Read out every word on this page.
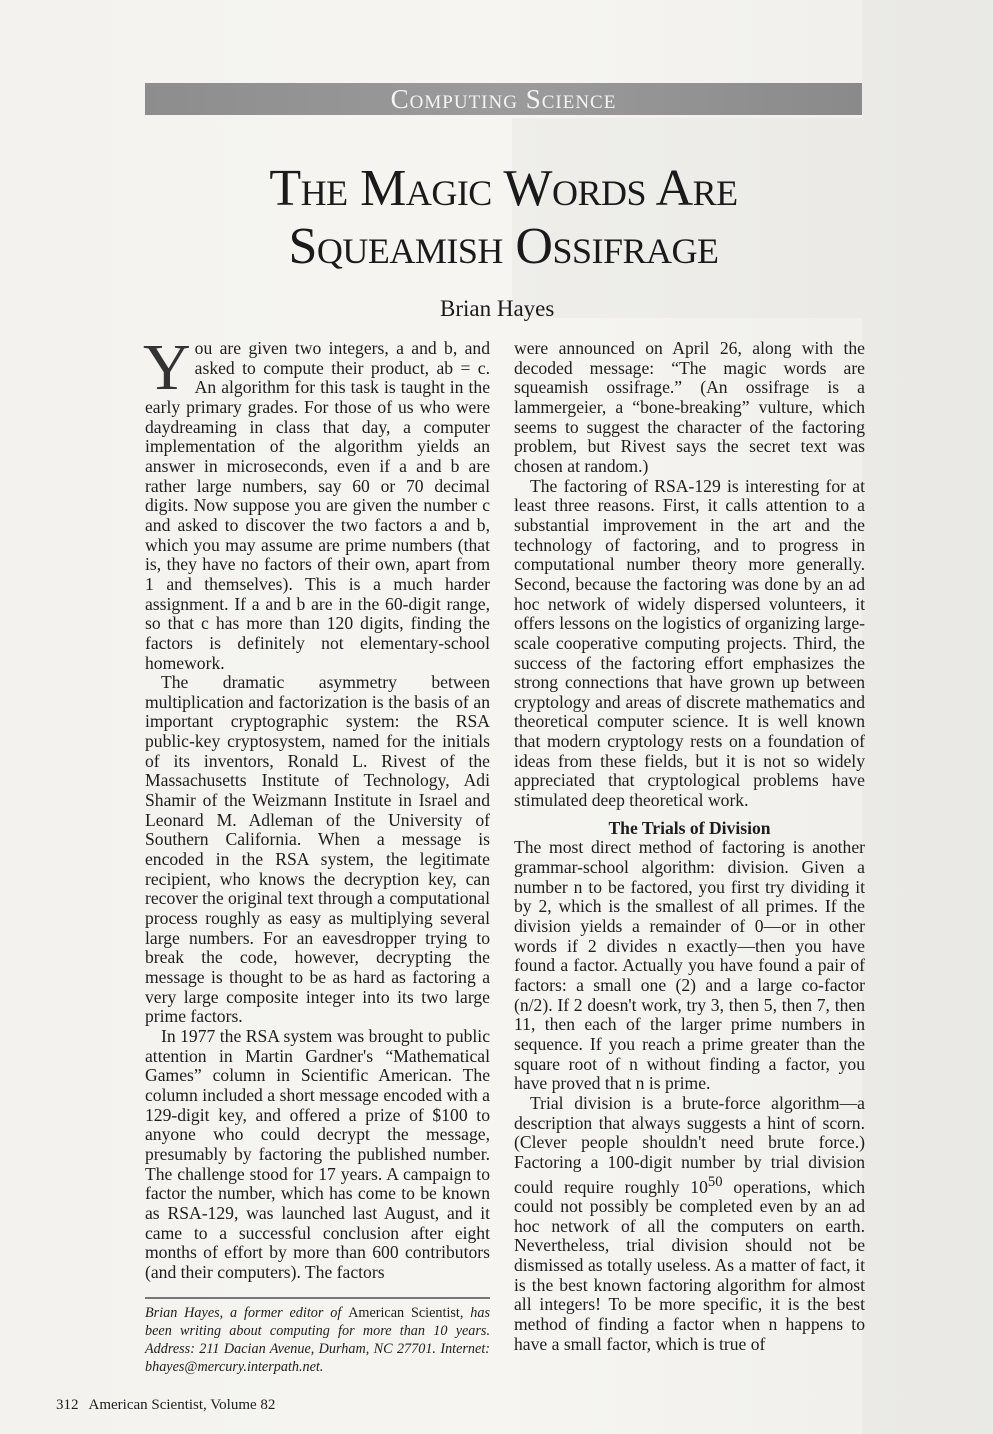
Computing Science
The Magic Words Are
Squeamish Ossifrage
Brian Hayes

You are given two integers, a and b, and asked to compute their product, ab = c. An algorithm for this task is taught in the early primary grades. For those of us who were daydreaming in class that day, a computer implementation of the algorithm yields an answer in microseconds, even if a and b are rather large numbers, say 60 or 70 decimal digits. Now suppose you are given the number c and asked to discover the two factors a and b, which you may assume are prime numbers (that is, they have no factors of their own, apart from 1 and themselves). This is a much harder assignment. If a and b are in the 60-digit range, so that c has more than 120 digits, finding the factors is definitely not elementary-school homework.

The dramatic asymmetry between multiplication and factorization is the basis of an important cryptographic system: the RSA public-key cryptosystem, named for the initials of its inventors, Ronald L. Rivest of the Massachusetts Institute of Technology, Adi Shamir of the Weizmann Institute in Israel and Leonard M. Adleman of the University of Southern California. When a message is encoded in the RSA system, the legitimate recipient, who knows the decryption key, can recover the original text through a computational process roughly as easy as multiplying several large numbers. For an eavesdropper trying to break the code, however, decrypting the message is thought to be as hard as factoring a very large composite integer into its two large prime factors.

In 1977 the RSA system was brought to public attention in Martin Gardner's “Mathematical Games” column in Scientific American. The column included a short message encoded with a 129-digit key, and offered a prize of $100 to anyone who could decrypt the message, presumably by factoring the published number. The challenge stood for 17 years. A campaign to factor the number, which has come to be known as RSA-129, was launched last August, and it came to a successful conclusion after eight months of effort by more than 600 contributors (and their computers). The factors

Brian Hayes, a former editor of American Scientist, has been writing about computing for more than 10 years. Address: 211 Dacian Avenue, Durham, NC 27701. Internet: bhayes@mercury.interpath.net.

were announced on April 26, along with the decoded message: “The magic words are squeamish ossifrage.” (An ossifrage is a lammergeier, a “bone-breaking” vulture, which seems to suggest the character of the factoring problem, but Rivest says the secret text was chosen at random.)

The factoring of RSA-129 is interesting for at least three reasons. First, it calls attention to a substantial improvement in the art and the technology of factoring, and to progress in computational number theory more generally. Second, because the factoring was done by an ad hoc network of widely dispersed volunteers, it offers lessons on the logistics of organizing large-scale cooperative computing projects. Third, the success of the factoring effort emphasizes the strong connections that have grown up between cryptology and areas of discrete mathematics and theoretical computer science. It is well known that modern cryptology rests on a foundation of ideas from these fields, but it is not so widely appreciated that cryptological problems have stimulated deep theoretical work.

The Trials of Division

The most direct method of factoring is another grammar-school algorithm: division. Given a number n to be factored, you first try dividing it by 2, which is the smallest of all primes. If the division yields a remainder of 0—or in other words if 2 divides n exactly—then you have found a factor. Actually you have found a pair of factors: a small one (2) and a large co-factor (n/2). If 2 doesn't work, try 3, then 5, then 7, then 11, then each of the larger prime numbers in sequence. If you reach a prime greater than the square root of n without finding a factor, you have proved that n is prime.

Trial division is a brute-force algorithm—a description that always suggests a hint of scorn. (Clever people shouldn't need brute force.) Factoring a 100-digit number by trial division could require roughly $10^{50}$ operations, which could not possibly be completed even by an ad hoc network of all the computers on earth. Nevertheless, trial division should not be dismissed as totally useless. As a matter of fact, it is the best known factoring algorithm for almost all integers! To be more specific, it is the best method of finding a factor when n happens to have a small factor, which is true of

312 American Scientist, Volume 82
